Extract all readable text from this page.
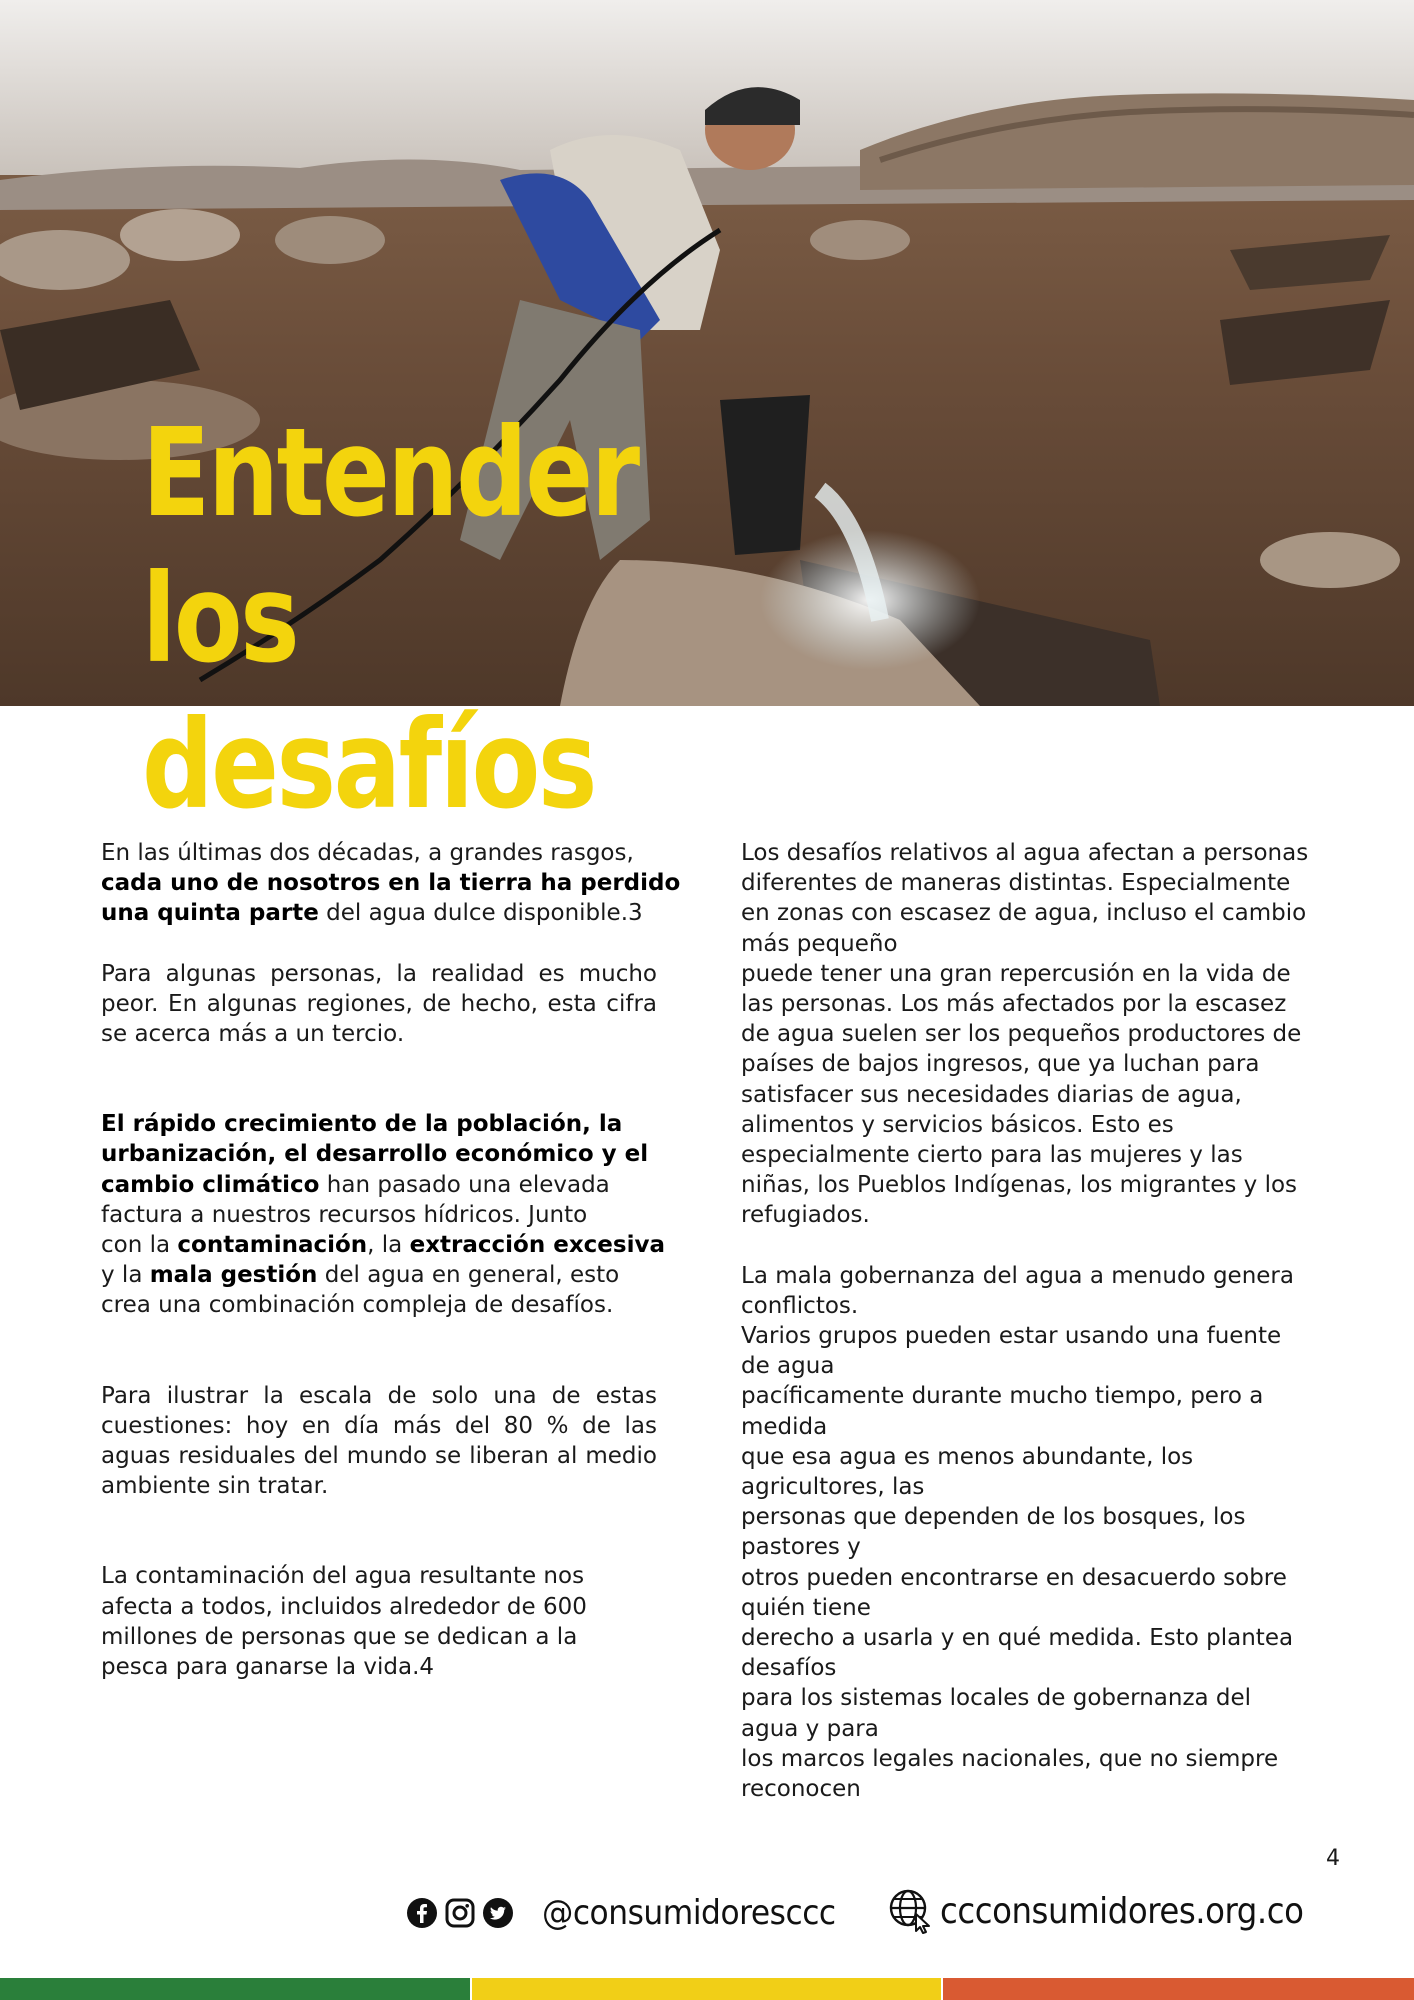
Entender los
desafíos

En las últimas dos décadas, a grandes rasgos,
cada uno de nosotros en la tierra ha perdido
una quinta parte del agua dulce disponible.3

Para algunas personas, la realidad es mucho peor. En algunas regiones, de hecho, esta cifra se acerca más a un tercio.

El rápido crecimiento de la población, la
urbanización, el desarrollo económico y el
cambio climático han pasado una elevada
factura a nuestros recursos hídricos. Junto
con la contaminación, la extracción excesiva
y la mala gestión del agua en general, esto
crea una combinación compleja de desafíos.

Para ilustrar la escala de solo una de estas cuestiones: hoy en día más del 80 % de las aguas residuales del mundo se liberan al medio ambiente sin tratar.

La contaminación del agua resultante nos
afecta a todos, incluidos alrededor de 600
millones de personas que se dedican a la
pesca para ganarse la vida.4

Los desafíos relativos al agua afectan a personas
diferentes de maneras distintas. Especialmente
en zonas con escasez de agua, incluso el cambio
más pequeño
puede tener una gran repercusión en la vida de
las personas. Los más afectados por la escasez
de agua suelen ser los pequeños productores de
países de bajos ingresos, que ya luchan para
satisfacer sus necesidades diarias de agua,
alimentos y servicios básicos. Esto es
especialmente cierto para las mujeres y las
niñas, los Pueblos Indígenas, los migrantes y los
refugiados.

La mala gobernanza del agua a menudo genera
conflictos.
Varios grupos pueden estar usando una fuente
de agua
pacíficamente durante mucho tiempo, pero a
medida
que esa agua es menos abundante, los
agricultores, las
personas que dependen de los bosques, los
pastores y
otros pueden encontrarse en desacuerdo sobre
quién tiene
derecho a usarla y en qué medida. Esto plantea
desafíos
para los sistemas locales de gobernanza del
agua y para
los marcos legales nacionales, que no siempre
reconocen

4
@consumidoresccc	ccconsumidores.org.co
